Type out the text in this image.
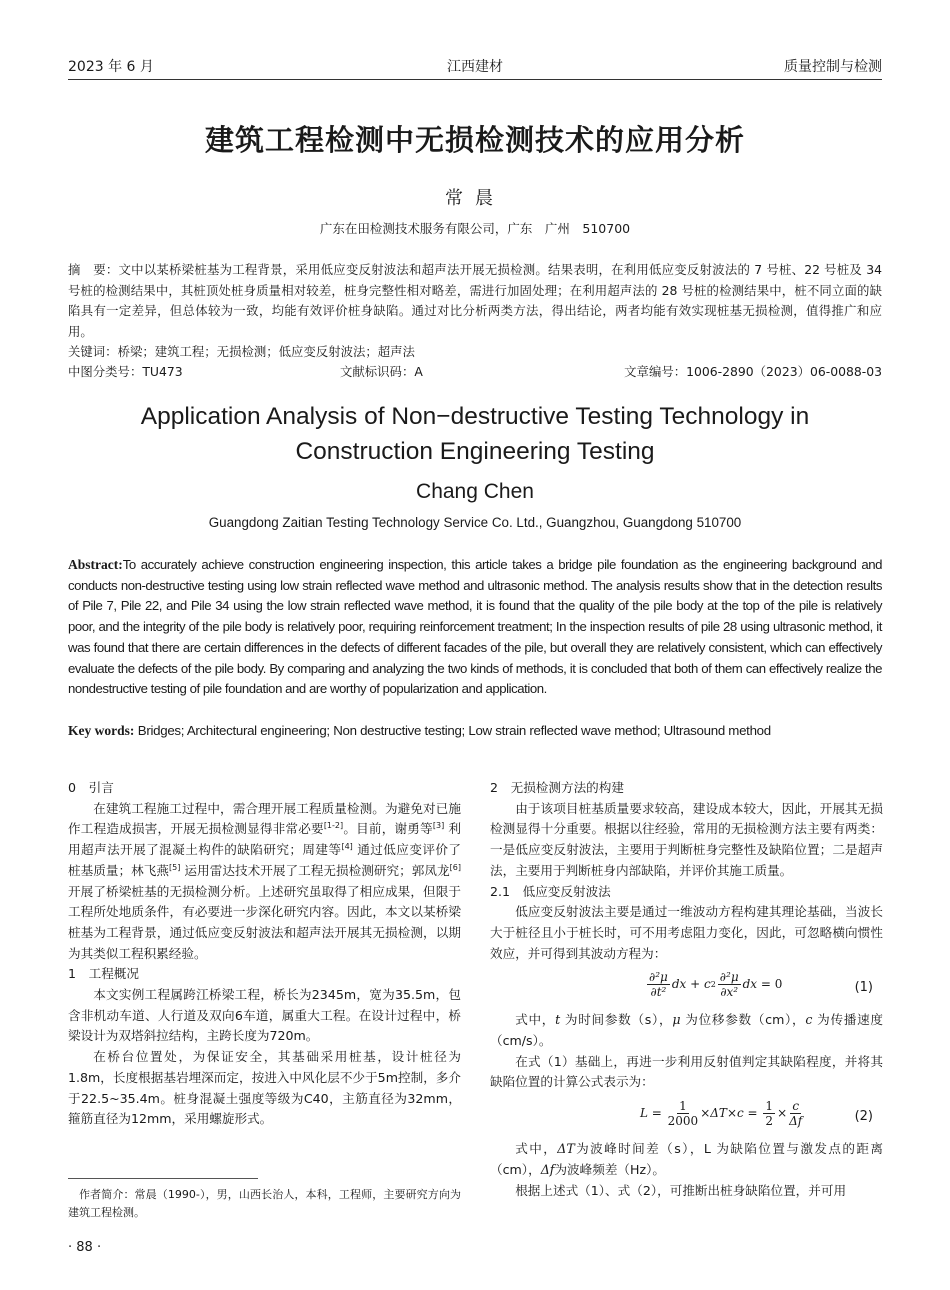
2023 年 6 月	江西建材	质量控制与检测
建筑工程检测中无损检测技术的应用分析
常晨
广东在田检测技术服务有限公司，广东　广州　510700
摘　要：文中以某桥梁桩基为工程背景，采用低应变反射波法和超声法开展无损检测。结果表明，在利用低应变反射波法的 7 号桩、22 号桩及 34 号桩的检测结果中，其桩顶处桩身质量相对较差，桩身完整性相对略差，需进行加固处理；在利用超声法的 28 号桩的检测结果中，桩不同立面的缺陷具有一定差异，但总体较为一致，均能有效评价桩身缺陷。通过对比分析两类方法，得出结论，两者均能有效实现桩基无损检测，值得推广和应用。
关键词：桥梁；建筑工程；无损检测；低应变反射波法；超声法
中图分类号：TU473	文献标识码：A	文章编号：1006-2890（2023）06-0088-03
Application Analysis of Non−destructive Testing Technology in
Construction Engineering Testing
Chang Chen
Guangdong Zaitian Testing Technology Service Co. Ltd., Guangzhou, Guangdong 510700
Abstract:To accurately achieve construction engineering inspection, this article takes a bridge pile foundation as the engineering background and conducts non-destructive testing using low strain reflected wave method and ultrasonic method. The analysis results show that in the detection results of Pile 7, Pile 22, and Pile 34 using the low strain reflected wave method, it is found that the quality of the pile body at the top of the pile is relatively poor, and the integrity of the pile body is relatively poor, requiring reinforcement treatment; In the inspection results of pile 28 using ultrasonic method, it was found that there are certain differences in the defects of different facades of the pile, but overall they are relatively consistent, which can effectively evaluate the defects of the pile body. By comparing and analyzing the two kinds of methods, it is concluded that both of them can effectively realize the nondestructive testing of pile foundation and are worthy of popularization and application.
Key words: Bridges; Architectural engineering; Non destructive testing; Low strain reflected wave method; Ultrasound method
0　引言

在建筑工程施工过程中，需合理开展工程质量检测。为避免对已施作工程造成损害，开展无损检测显得非常必要[1-2]。目前，谢勇等[3] 利用超声法开展了混凝土构件的缺陷研究；周建等[4] 通过低应变评价了桩基质量；林飞燕[5] 运用雷达技术开展了工程无损检测研究；郭凤龙[6] 开展了桥梁桩基的无损检测分析。上述研究虽取得了相应成果，但限于工程所处地质条件，有必要进一步深化研究内容。因此，本文以某桥梁桩基为工程背景，通过低应变反射波法和超声法开展其无损检测，以期为其类似工程积累经验。

1　工程概况

本文实例工程属跨江桥梁工程，桥长为2345m，宽为35.5m，包含非机动车道、人行道及双向6车道，属重大工程。在设计过程中，桥梁设计为双塔斜拉结构，主跨长度为720m。

在桥台位置处，为保证安全，其基础采用桩基，设计桩径为1.8m，长度根据基岩埋深而定，按进入中风化层不少于5m控制，多介于22.5~35.4m。桩身混凝土强度等级为C40，主筋直径为32mm，箍筋直径为12mm，采用螺旋形式。

2　无损检测方法的构建

由于该项目桩基质量要求较高，建设成本较大，因此，开展其无损检测显得十分重要。根据以往经验，常用的无损检测方法主要有两类：一是低应变反射波法，主要用于判断桩身完整性及缺陷位置；二是超声法，主要用于判断桩身内部缺陷，并评价其施工质量。

2.1　低应变反射波法

低应变反射波法主要是通过一维波动方程构建其理论基础，当波长大于桩径且小于桩长时，可不用考虑阻力变化，因此，可忽略横向惯性效应，并可得到其波动方程为：

$\frac{\text{∂²μ}}{\text{∂t²}}$ dx + c $2 \frac{\text{∂²μ}}{\text{∂x²}}$ dx = 0	(1)

式中，t 为时间参数（s），μ 为位移参数（cm），c 为传播速度（cm/s）。

在式（1）基础上，再进一步利用反射值判定其缺陷程度，并将其缺陷位置的计算公式表示为：

$L = \frac{1}{2000} \times \Delta T \times c = \frac{1}{2} \times \frac{c}{\Delta f}$	(2)

式中，ΔT为波峰时间差（s），L 为缺陷位置与激发点的距离（cm），Δf为波峰频差（Hz）。

根据上述式（1）、式（2），可推断出桩身缺陷位置，并可用

作者简介：常晨（1990-），男，山西长治人，本科，工程师，主要研究方向为建筑工程检测。
· 88 ·
